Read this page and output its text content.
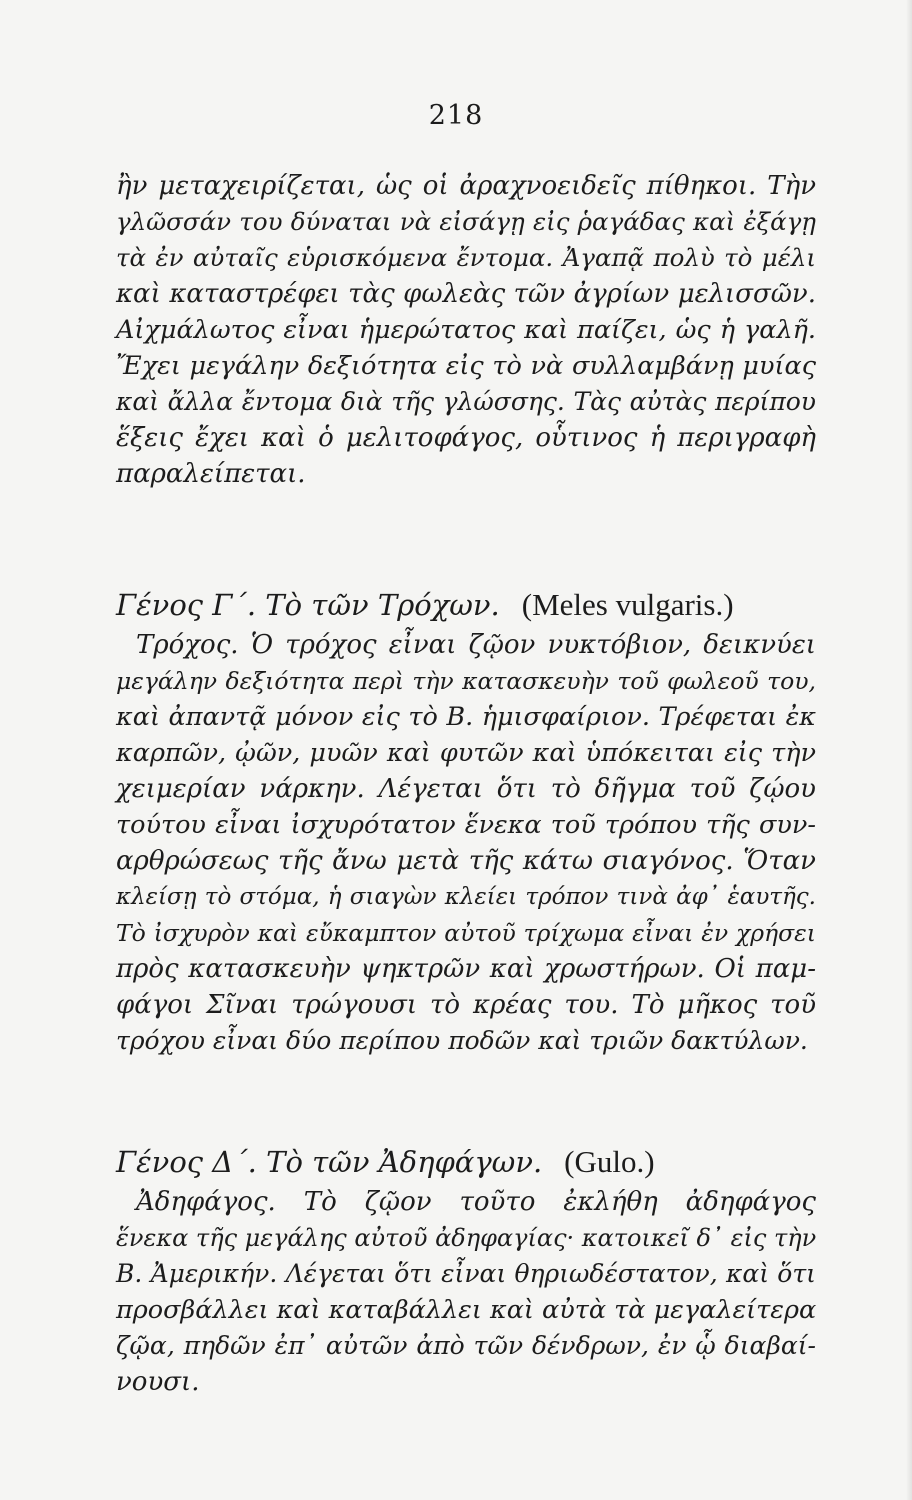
218
ἢν μεταχειρίζεται, ὡς οἱ ἀραχνοειδεῖς πίθηκοι. Τὴν
γλῶσσάν του δύναται νὰ εἰσάγῃ εἰς ῥαγάδας καὶ ἐξάγῃ
τὰ ἐν αὐταῖς εὑρισκόμενα ἔντομα. Ἀγαπᾷ πολὺ τὸ μέλι
καὶ καταστρέφει τὰς φωλεὰς τῶν ἀγρίων μελισσῶν.
Αἰχμάλωτος εἶναι ἡμερώτατος καὶ παίζει, ὡς ἡ γαλῆ.
Ἔχει μεγάλην δεξιότητα εἰς τὸ νὰ συλλαμβάνῃ μυίας
καὶ ἄλλα ἔντομα διὰ τῆς γλώσσης. Τὰς αὐτὰς περίπου
ἕξεις ἔχει καὶ ὁ μελιτοφάγος, οὗτινος ἡ περιγραφὴ
παραλείπεται.
Γένος Γ΄. Τὸ τῶν Τρόχων. (Meles vulgaris.)
Τρόχος. Ὁ τρόχος εἶναι ζῷον νυκτόβιον, δεικνύει
μεγάλην δεξιότητα περὶ τὴν κατασκευὴν τοῦ φωλεοῦ του,
καὶ ἀπαντᾷ μόνον εἰς τὸ Β. ἡμισφαίριον. Τρέφεται ἐκ
καρπῶν, ᾠῶν, μυῶν καὶ φυτῶν καὶ ὑπόκειται εἰς τὴν
χειμερίαν νάρκην. Λέγεται ὅτι τὸ δῆγμα τοῦ ζῴου
τούτου εἶναι ἰσχυρότατον ἕνεκα τοῦ τρόπου τῆς συν-
αρθρώσεως τῆς ἄνω μετὰ τῆς κάτω σιαγόνος. Ὅταν
κλείσῃ τὸ στόμα, ἡ σιαγὼν κλείει τρόπον τινὰ ἀφ᾿ ἑαυτῆς.
Τὸ ἰσχυρὸν καὶ εὔκαμπτον αὐτοῦ τρίχωμα εἶναι ἐν χρήσει
πρὸς κατασκευὴν ψηκτρῶν καὶ χρωστήρων. Οἱ παμ-
φάγοι Σῖναι τρώγουσι τὸ κρέας του. Τὸ μῆκος τοῦ
τρόχου εἶναι δύο περίπου ποδῶν καὶ τριῶν δακτύλων.
Γένος Δ΄. Τὸ τῶν Ἀδηφάγων. (Gulo.)
Ἀδηφάγος. Τὸ ζῷον τοῦτο ἐκλήθη ἀδηφάγος
ἕνεκα τῆς μεγάλης αὐτοῦ ἀδηφαγίας· κατοικεῖ δ᾿ εἰς τὴν
Β. Ἀμερικήν. Λέγεται ὅτι εἶναι θηριωδέστατον, καὶ ὅτι
προσβάλλει καὶ καταβάλλει καὶ αὐτὰ τὰ μεγαλείτερα
ζῷα, πηδῶν ἐπ᾿ αὐτῶν ἀπὸ τῶν δένδρων, ἐν ᾧ διαβαί-
νουσι.
